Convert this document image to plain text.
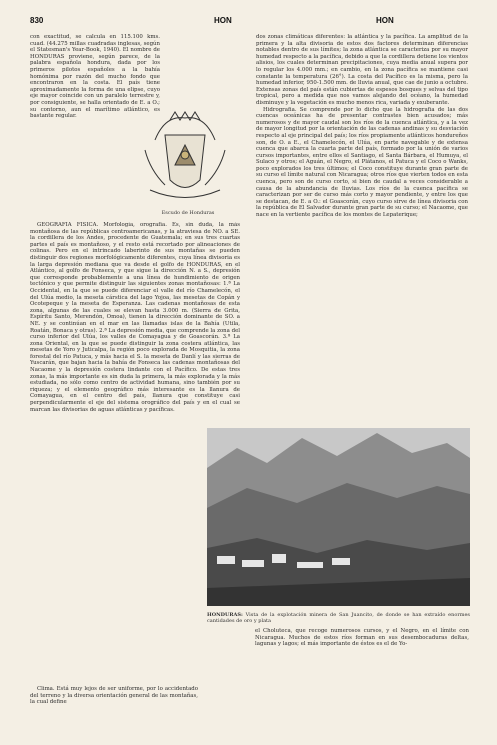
830	HON	HON

con exactitud, se calcula en 115.100 kms. cuad. (44.275 millas cuadradas inglesas, según el Statesman's Year-Book, 1940). El nombre de HONDURAS proviene, según parece, de la palabra española hondura, dada por los primeros pilotos españoles a la bahía homónima por razón del mucho fondo que encontraron en la costa. El país tiene aproximadamente la forma de una elipse, cuyo eje mayor coincide con un paralelo terrestre y, por consiguiente, se halla orientado de E. a O.; su contorno, aun el marítimo atlántico, es bastante regular.

Escudo de Honduras

GEOGRAFÍA FÍSICA. Morfología, orografía. Es, sin duda, la más montañosa de las repúblicas centroamericanas, y la atraviesa de NO. a SE. la cordillera de los Andes, procedente de Guatemala; en sus tres cuartas partes el país es montañoso, y el resto está recortado por alineaciones de colinas. Pero en el intrincado laberinto de sus montañas se pueden distinguir dos regiones morfológicamente diferentes, cuya línea divisoria es la larga depresión mediana que va desde el golfo de HONDURAS, en el Atlántico, al golfo de Fonseca, y que sigue la dirección N. a S., depresión que corresponde probablemente a una línea de hundimiento de origen tectónico y que permite distinguir las siguientes zonas montañosas: 1.ª La Occidental, en la que se puede diferenciar el valle del río Chamelecón, el del Ulúa medio, la meseta cárstica del lago Yojoa, las mesetas de Copán y Ocotepeque y la meseta de Esperanza. Las cadenas montañosas de esta zona, algunas de las cuales se elevan hasta 3.000 m. (Sierra de Grita, Espíritu Santo, Merendón, Omoa), tienen la dirección dominante de SO. a NE. y se continúan en el mar en las llamadas islas de la Bahía (Utila, Roatán, Bonaca y otras). 2.ª La depresión media, que comprende la zona del curso inferior del Ulúa, los valles de Comayagua y de Goascorán. 3.ª La zona Oriental, en la que se puede distinguir la zona costera atlántica, las mesetas de Yoro y Juticalpa, la región poco explorada de Mosquitia, la zona forestal del río Patuca, y más hacia el S. la meseta de Danlí y las sierras de Yuscarán, que bajan hacia la bahía de Fonseca las cadenas montañosas del Nacaome y la depresión costera lindante con el Pacífico. De estas tres zonas, la más importante es sin duda la primera, la más explorada y la más estudiada, no sólo como centro de actividad humana, sino también por su riqueza; y el elemento geográfico más interesante es la llanura de Comayagua, en el centro del país, llanura que constituye casi perpendicularmente el eje del sistema orográfico del país y en el cual se marcan las divisorias de aguas atlánticas y pacíficas.

Clima. Está muy lejos de ser uniforme, por lo accidentado del terreno y la diversa orientación general de las montañas, la cual define

dos zonas climáticas diferentes: la atlántica y la pacífica. La amplitud de la primera y la alta divisoria de estos dos factores determinan diferencias notables dentro de sus límites; la zona atlántica se caracteriza por su mayor humedad respecto a la pacífica, debido a que la cordillera detiene los vientos alisios, los cuales determinan precipitaciones, cuya media anual supera por lo regular los 4.000 mm.; en cambio, en la zona pacífica se mantiene casi constante la temperatura (26°). La costa del Pacífico es la misma, pero la humedad inferior, 950-1.500 mm. de lluvia anual, que cae de junio a octubre. Extensas zonas del país están cubiertas de espesos bosques y selvas del tipo tropical, pero a medida que nos vamos alejando del océano, la humedad disminuye y la vegetación es mucho menos rica, variada y exuberante.

Hidrografía. Se comprende por lo dicho que la hidrografía de las dos cuencas oceánicas ha de presentar contrastes bien acusados; más numerosos y de mayor caudal son los ríos de la cuenca atlántica, y a la vez de mayor longitud por la orientación de las cadenas andinas y su desviación respecto al eje principal del país; los ríos propiamente atlánticos hondureños son, de O. a E., el Chamelecón, el Ulúa, en parte navegable y de extensa cuenca que abarca la cuarta parte del país, formado por la unión de varios cursos importantes, entre ellos el Santiago, el Santa Bárbara, el Humuya, el Sulaco y otros; el Aguán, el Negro, el Plátanos, el Patuca y el Coco o Wanks, poco explorados los tres últimos; el Coco constituye durante gran parte de su curso el límite natural con Nicaragua; otros ríos que vierten todos en esta cuenca, pero son de curso corto, si bien de caudal a veces considerable a causa de la abundancia de lluvias. Los ríos de la cuenca pacífica se caracterizan por ser de curso más corto y mayor pendiente, y entre los que se destacan, de E. a O.: el Goascorán, cuyo curso sirve de línea divisoria con la república de El Salvador durante gran parte de su curso; el Nacaome, que nace en la vertiente pacífica de los montes de Lepaterique;

HONDURAS: Vista de la explotación minera de San Juancito, de donde se han extraído enormes cantidades de oro y plata
el Choluteca, que recoge numerosos cursos, y el Negro, en el límite con Nicaragua. Muchos de estos ríos forman en sus desembocaduras deltas, lagunas y lagos; el más importante de éstos es el de Yo-
